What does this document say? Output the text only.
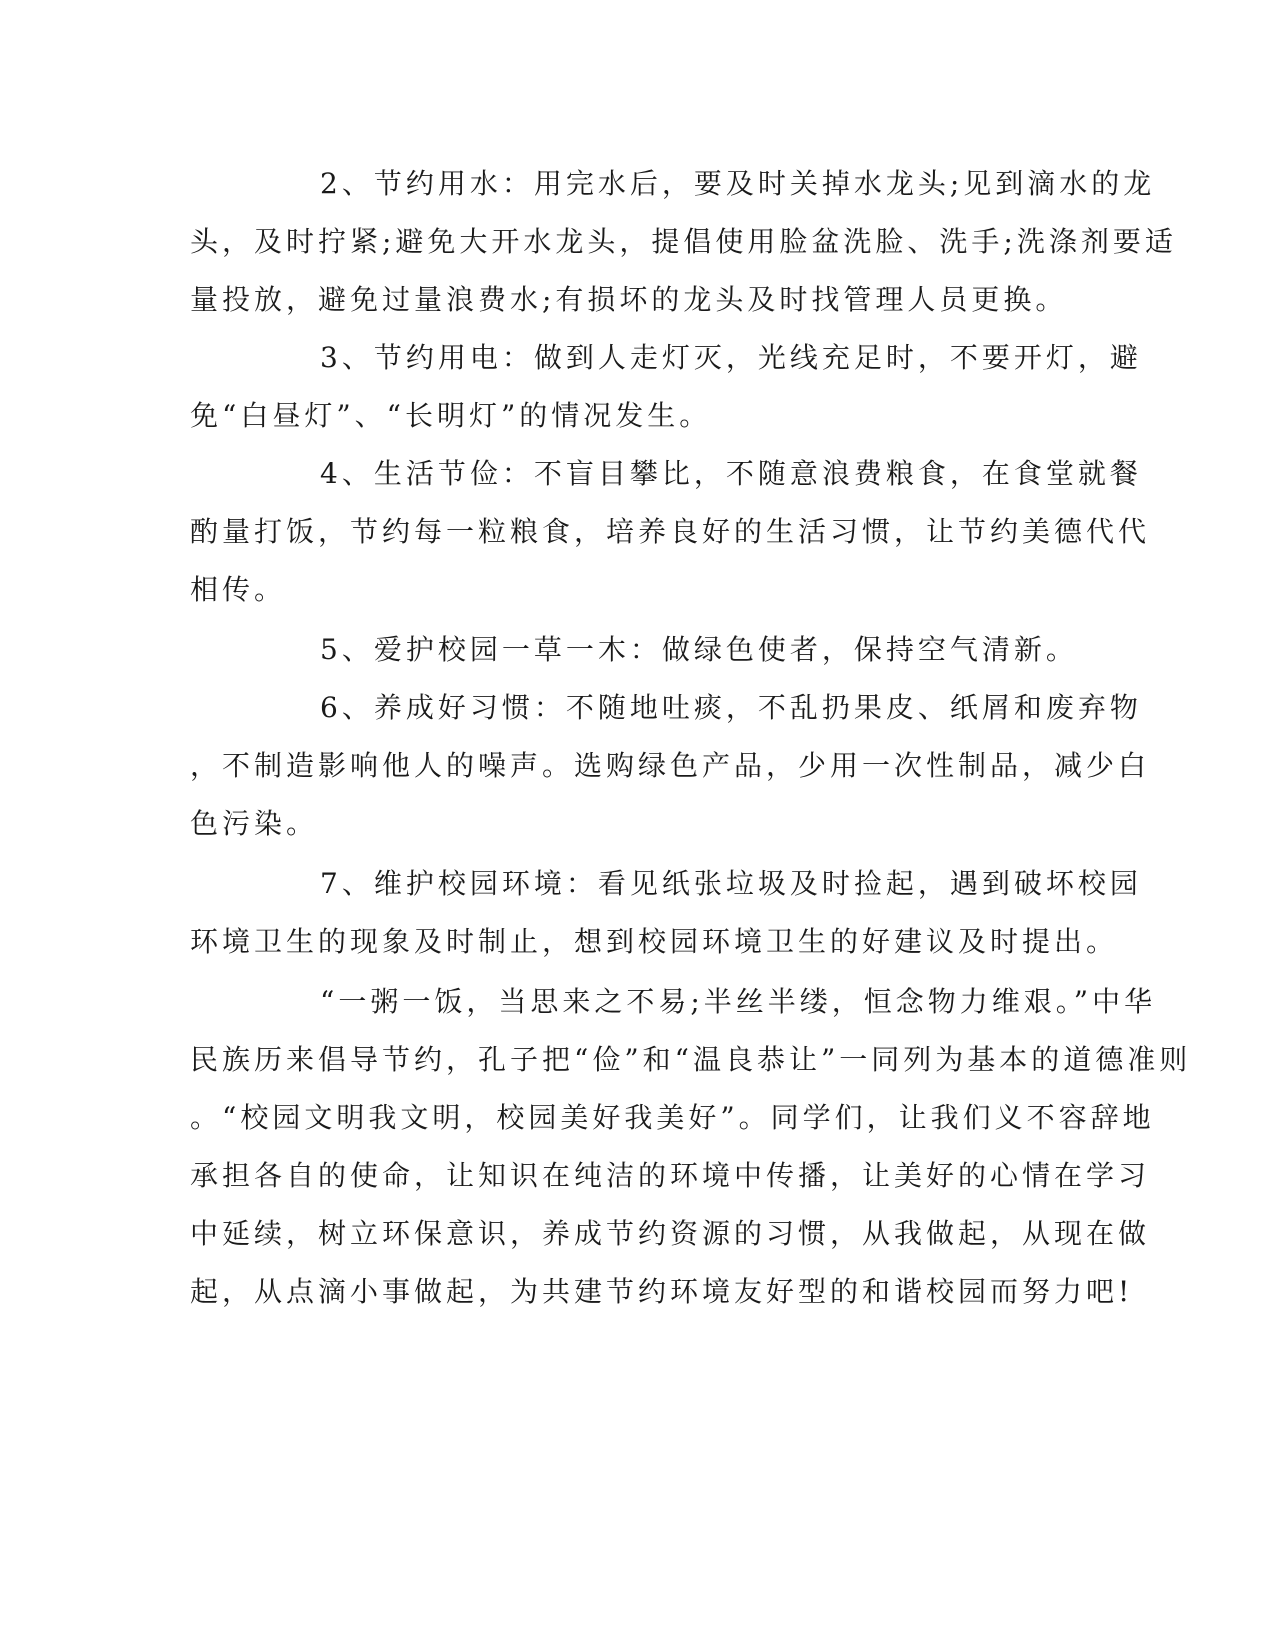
2、节约用水：用完水后，要及时关掉水龙头;见到滴水的龙
头，及时拧紧;避免大开水龙头，提倡使用脸盆洗脸、洗手;洗涤剂要适
量投放，避免过量浪费水;有损坏的龙头及时找管理人员更换。
3、节约用电：做到人走灯灭，光线充足时，不要开灯，避
免“白昼灯”、“长明灯”的情况发生。
4、生活节俭：不盲目攀比，不随意浪费粮食，在食堂就餐
酌量打饭，节约每一粒粮食，培养良好的生活习惯，让节约美德代代
相传。
5、爱护校园一草一木：做绿色使者，保持空气清新。
6、养成好习惯：不随地吐痰，不乱扔果皮、纸屑和废弃物
，不制造影响他人的噪声。选购绿色产品，少用一次性制品，减少白
色污染。
7、维护校园环境：看见纸张垃圾及时捡起，遇到破坏校园
环境卫生的现象及时制止，想到校园环境卫生的好建议及时提出。
“一粥一饭，当思来之不易;半丝半缕，恒念物力维艰。”中华
民族历来倡导节约，孔子把“俭”和“温良恭让”一同列为基本的道德准则
。“校园文明我文明，校园美好我美好”。同学们，让我们义不容辞地
承担各自的使命，让知识在纯洁的环境中传播，让美好的心情在学习
中延续，树立环保意识，养成节约资源的习惯，从我做起，从现在做
起，从点滴小事做起，为共建节约环境友好型的和谐校园而努力吧!
